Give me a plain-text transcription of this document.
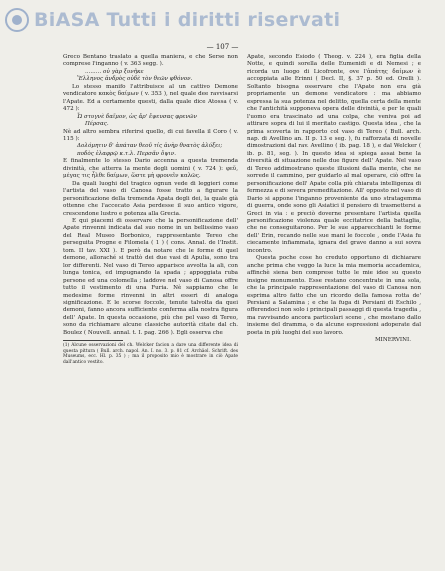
BiASA Tutti i diritti riservati
— 107 —

Greco Bentano traslato a quella maniera, e che Serse non comprese l'inganno ( v. 363 segg. ).

......… οὐ γὰρ ξυνῆκε

Ἕλληνος ἀνδρὸς οὐδὲ τὸν θεῶν φθόνον.

Lo stesso manifo l'attribuisce al un cattivo Demone vendicatore κακὸς δαίμων ( v. 353 ), nel quale dee ravvisarsi l'Apate. Ed a certamente questi, dalla quale dice Atossa ( v. 472 ):

Ὦ στυγνὲ δαῖμον, ὡς ἄρ' ἔψευσας φρενῶν

Πέρσας.

Nè ad altro sembra riferirsi quello, di cui favella il Coro ( v. 115 ):

Δολόμητιν δ' ἀπάταν θεοῦ τίς ἀνὴρ θνατὸς ἀλύξει;

ποδὸς ἐλαφρῷ κ.τ.λ. Περσᾶν ὄψιν.

E finalmente lo stesso Dario accenna a questa tremenda divinità, che atterra la mente degli uomini ( v. 724 ): φεῦ, μέγας τις ἦλθε δαίμων, ὥστε μὴ φρονεῖν καλῶς.

Da quali luoghi del tragico ognun vede di leggieri come l'artista del vaso di Canosa fosse tratto a figurare la personificazione della tremenda Apata degli dei, la quale già ottenne che l'accecato Asia perdesse il suo antico vigore, crescendone lustro e potenza alla Grecia.

E qui piacemi di osservare che la personificazione dell' Apate rinvenni indicata dal suo nome in un bellissimo vaso del Real Museo Borbonico, rappresentante Tereo che perseguita Progne e Filomela ( 1 ) ( cons. Annal. de l'Instit. tom. II tav. XXI ). E però da notare che le forme di quel demone, alloraché si trattò dei due vasi di Apulia, sono tra lor differenti. Nel vaso di Tereo apparisce avvolta la ali, con lunga tonica, ed impugnando la spada ; appoggiata ruba persone ed una colomella ; laddove nel vaso di Canosa offre tutto il vestimento di una Furia. Nè sappiamo che le medesime forme rinvenni in altri esseri di analoga significazione. E le scorse foccole, tenute talvolta da quei demoni, fanno ancora sufficiente conferma alla nostra figura dell' Apate. In questa occasione, più che pel vaso di Tereo, sono da richiamare alcune classiche autorità citate dal ch. Boulez ( Nouvell. annal. t. I. pag. 266 ). Egli osserva che

(1) Alcune osservazioni del ch. Welcker facion a dare una differente idea di questa pittura ( Bull. arch. napol. An. I. no. 3. p. 81 cf. Archäol. Schrift. des Museums, ecc. Hl. p. 35 ) ; ma il proposito mio è mostrare in ciò Apate dall'antico vestito.

Apate, secondo Esiodo ( Theog. v. 224 ), era figlia della Notte, e quindi sorella delle Eumenidi e di Nemesi ; e ricorda un luogo di Licofronte, ove l'ἀπάτης δαίμων è accoppiata alle Erinni ( Decl. II, §. 37 p. 50 ed. Orelli ). Soltanto bisogna osservare che l'Apate non era già propriamente un demone vendicatore : ma abbiamo espressa la sua potenza nel delitto, quella certa della mente che l'antichità supponeva opera delle divinità, e per le quali l'uomo era trascinato ad una colpa, che veniva poi ad attirare sopra di lui il meritato castigo. Questa idea , che la prima scoverta in rapporto col vaso di Tereo ( Bull. arch. nap. di Avellino an. II p. 13 e seg. ), fu rafforzata di novelle dimostrazioni dal rav. Avellino ( ib. pag. 18 ), e dal Welcker ( ib. p. 81, seg. ). In questo idea si spiega assai bene la diversità di situazione nelle due figure dell' Apate. Nel vaso di Tereo addimostrano queste illusioni dalla mente, che ne sorrede il cammino, per guidarlo al mal operare, ciò offre la personificazione dell' Apate colla più chiarata intelligenza di fermezza e di severa premeditazione. All' opposto nel vaso di Dario si appone l'inganno proveniente da uno stratagemma di guerra, onde sono gli Asiatici il pensiero di trasmettersi a Greci in via : e preciò doverne presentare l'artista quella personificazione violenza quale eccitatrice della battaglia, che ne conseguitarono. Per le sue apparecchianti le forme dell' Erin, recando nelle sue mani le foccole , onde l'Asia fu ciecamente infiammata, ignara del grave danno a sui sovra incontro.

Questa poche cose ho creduto opportuno di dichiarare anche prima che veggo la luce la mia memoria accademica, affinchè siena ben comprese tutte le mie idee su questo insigne monumento. Esse restano concentrate in una sola, che la principale rappresentazione del vaso di Canosa non esprima altro fatto che un ricordo della famosa rotta de' Persiani a Salamina ; e che la fuga di Persiani di Eschilo , offerendoci non solo i principali passaggi di questa tragedia , ma ravvisando ancora particolari scene , che mostano dallo insieme del dramma, o da alcune espressioni adoperate dal poeta in più luoghi del suo lavoro.

MINERVINI.
